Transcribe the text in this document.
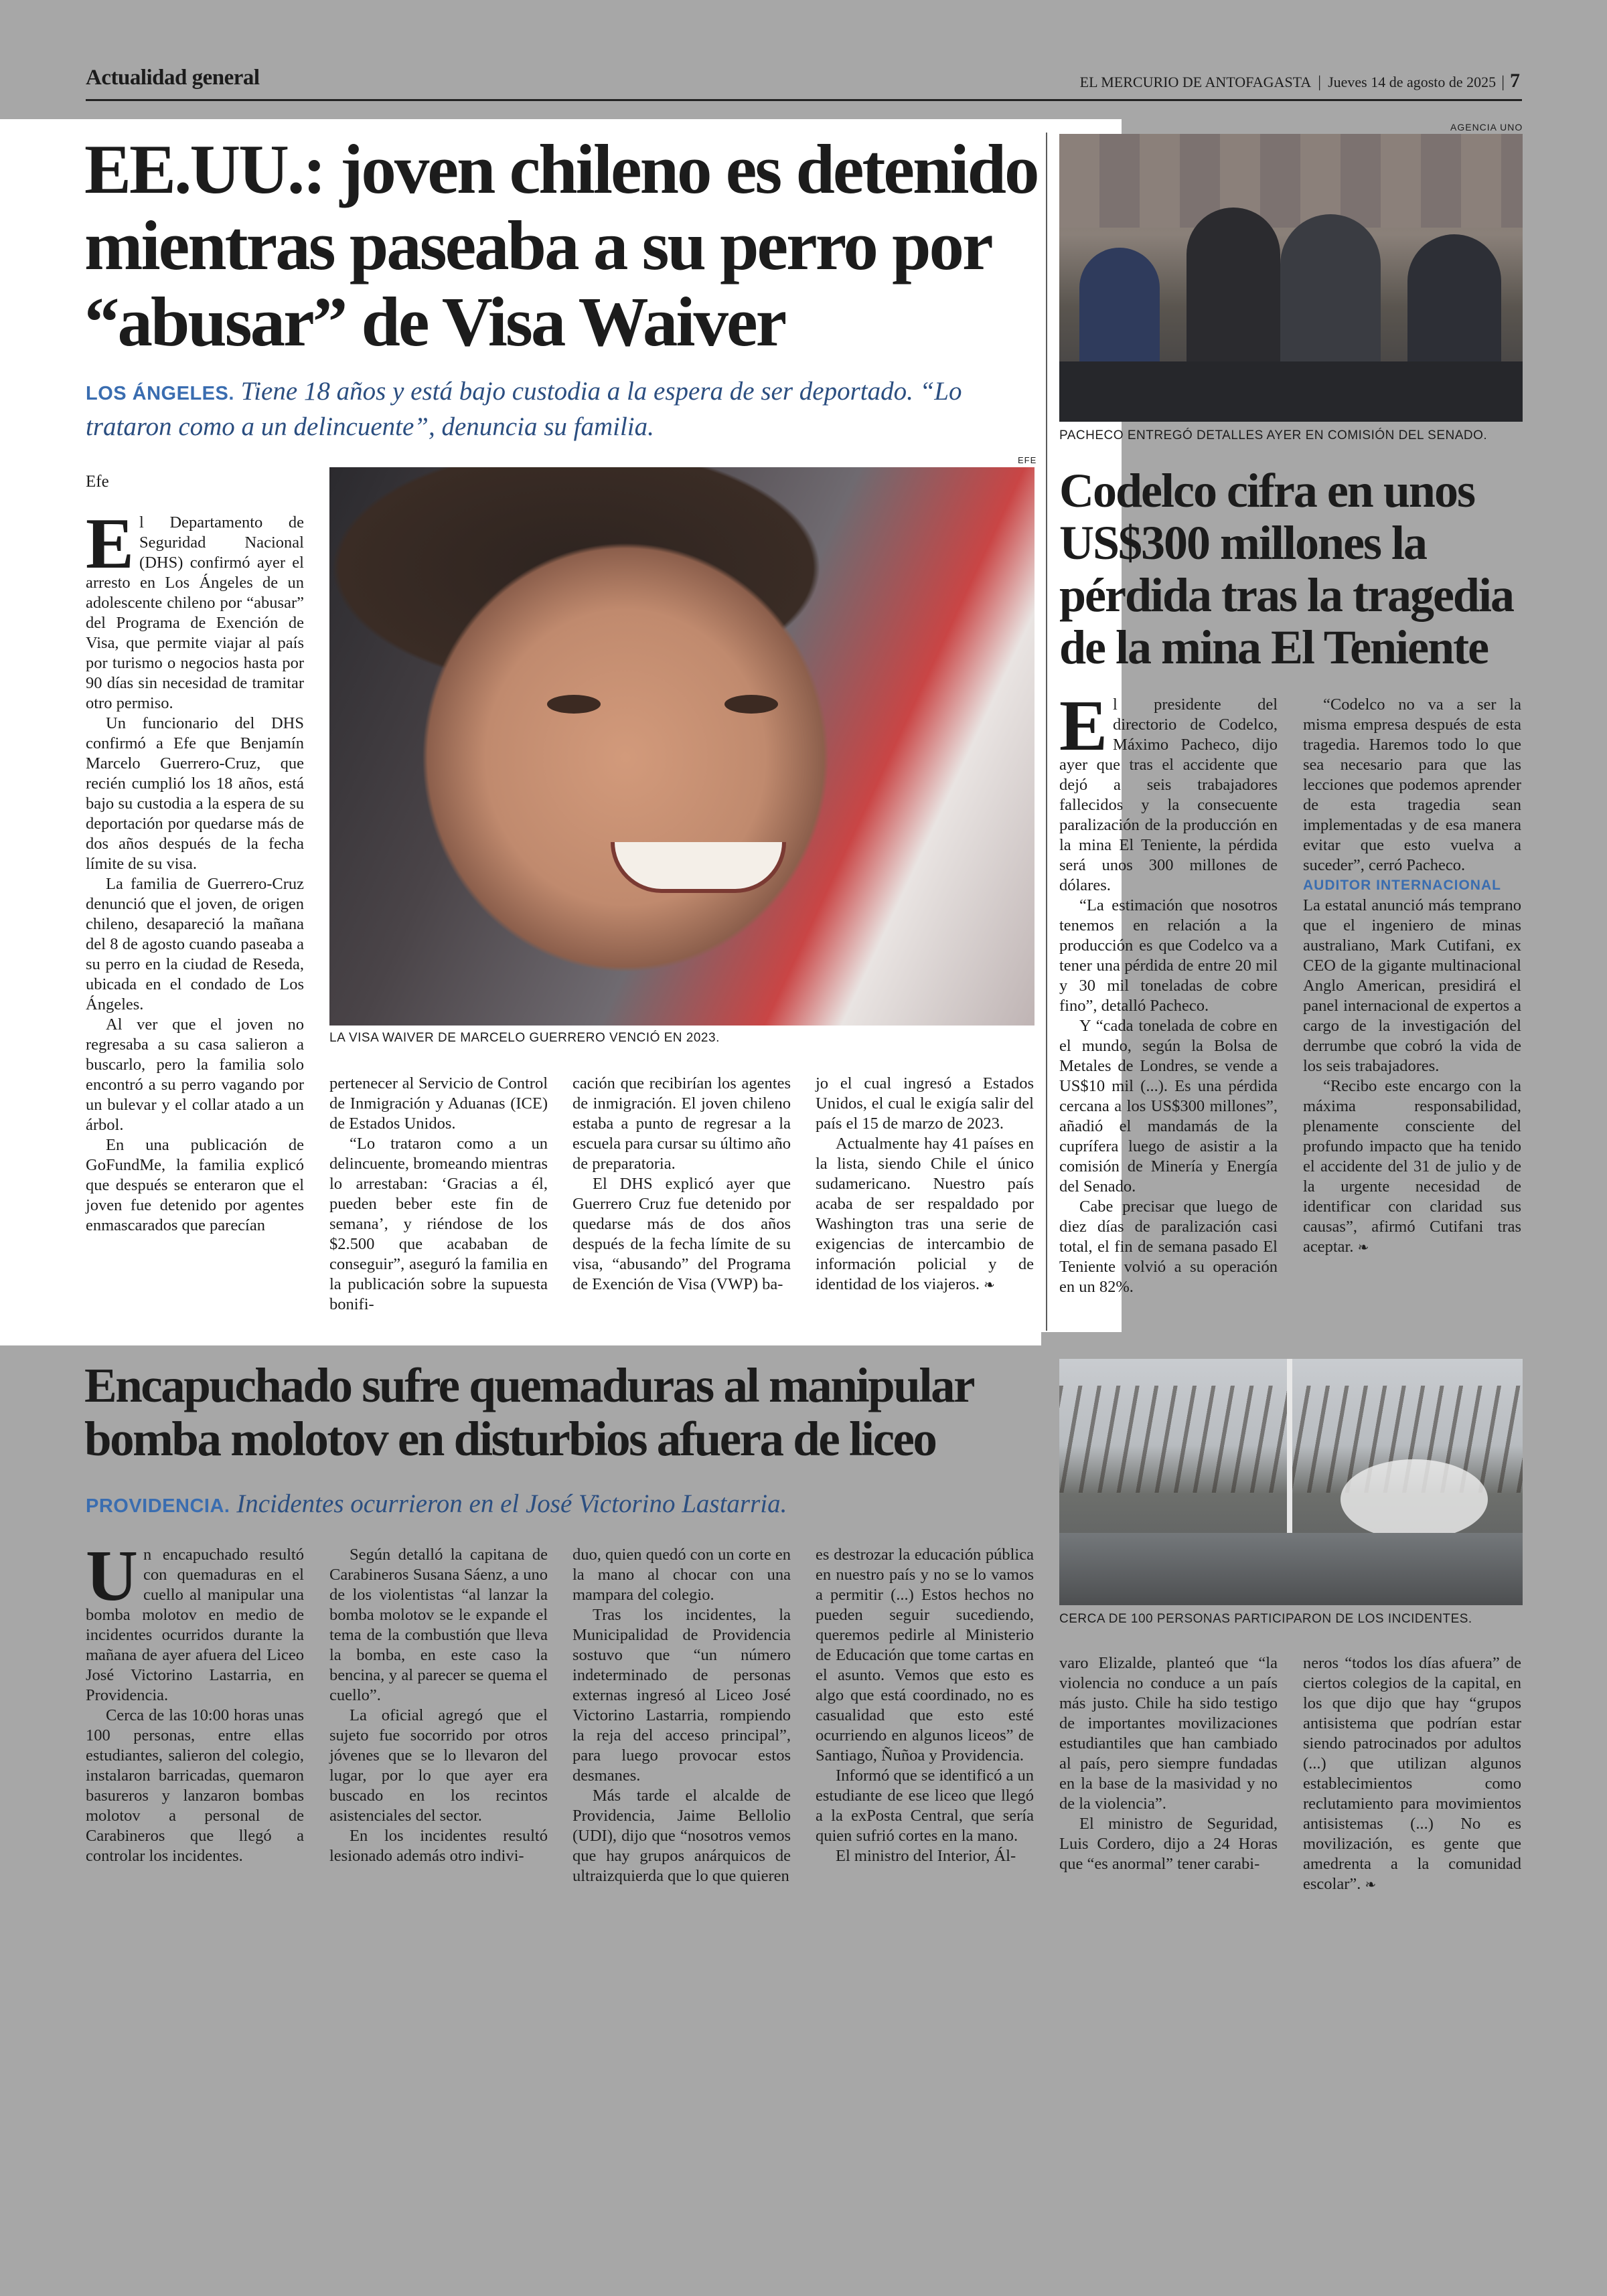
Actualidad general	EL MERCURIO DE ANTOFAGASTA | Jueves 14 de agosto de 2025 | 7
EE.UU.: joven chileno es detenido
mientras paseaba a su perro por
“abusar” de Visa Waiver
LOS ÁNGELES. Tiene 18 años y está bajo custodia a la espera de ser deportado. “Lo trataron como a un delincuente”, denuncia su familia.
Efe
EFE
LA VISA WAIVER DE MARCELO GUERRERO VENCIÓ EN 2023.
E l Departamento de Seguridad Nacional (DHS) confirmó ayer el arresto en Los Ángeles de un adolescente chileno por “abusar” del Programa de Exención de Visa, que permite viajar al país por turismo o negocios hasta por 90 días sin necesidad de tramitar otro permiso.

Un funcionario del DHS confirmó a Efe que Benjamín Marcelo Guerrero-Cruz, que recién cumplió los 18 años, está bajo su custodia a la espera de su deportación por quedarse más de dos años después de la fecha límite de su visa.

La familia de Guerrero-Cruz denunció que el joven, de origen chileno, desapareció la mañana del 8 de agosto cuando paseaba a su perro en la ciudad de Reseda, ubicada en el condado de Los Ángeles.

Al ver que el joven no regresaba a su casa salieron a buscarlo, pero la familia solo encontró a su perro vagando por un bulevar y el collar atado a un árbol.

En una publicación de GoFundMe, la familia explicó que después se enteraron que el joven fue detenido por agentes enmascarados que parecían

pertenecer al Servicio de Control de Inmigración y Aduanas (ICE) de Estados Unidos.

“Lo trataron como a un delincuente, bromeando mientras lo arrestaban: ‘Gracias a él, pueden beber este fin de semana’, y riéndose de los $2.500 que acababan de conseguir”, aseguró la familia en la publicación sobre la supuesta bonifi-

cación que recibirían los agentes de inmigración. El joven chileno estaba a punto de regresar a la escuela para cursar su último año de preparatoria.

El DHS explicó ayer que Guerrero Cruz fue detenido por quedarse más de dos años después de la fecha límite de su visa, “abusando” del Programa de Exención de Visa (VWP) ba-

jo el cual ingresó a Estados Unidos, el cual le exigía salir del país el 15 de marzo de 2023.

Actualmente hay 41 países en la lista, siendo Chile el único sudamericano. Nuestro país acaba de ser respaldado por Washington tras una serie de exigencias de intercambio de información policial y de identidad de los viajeros. ❧

AGENCIA UNO
PACHECO ENTREGÓ DETALLES AYER EN COMISIÓN DEL SENADO.
Codelco cifra en unos
US$300 millones la
pérdida tras la tragedia
de la mina El Teniente
E l presidente del directorio de Codelco, Máximo Pacheco, dijo ayer que tras el accidente que dejó a seis trabajadores fallecidos y la consecuente paralización de la producción en la mina El Teniente, la pérdida será unos 300 millones de dólares.

“La estimación que nosotros tenemos en relación a la producción es que Codelco va a tener una pérdida de entre 20 mil y 30 mil toneladas de cobre fino”, detalló Pacheco.

Y “cada tonelada de cobre en el mundo, según la Bolsa de Metales de Londres, se vende a US$10 mil (...). Es una pérdida cercana a los US$300 millones”, añadió el mandamás de la cuprífera luego de asistir a la comisión de Minería y Energía del Senado.

Cabe precisar que luego de diez días de paralización casi total, el fin de semana pasado El Teniente volvió a su operación en un 82%.

“Codelco no va a ser la misma empresa después de esta tragedia. Haremos todo lo que sea necesario para que las lecciones que podemos aprender de esta tragedia sean implementadas y de esa manera evitar que esto vuelva a suceder”, cerró Pacheco.

AUDITOR INTERNACIONAL

La estatal anunció más temprano que el ingeniero de minas australiano, Mark Cutifani, ex CEO de la gigante multinacional Anglo American, presidirá el panel internacional de expertos a cargo de la investigación del derrumbe que cobró la vida de los seis trabajadores.

“Recibo este encargo con la máxima responsabilidad, plenamente consciente del profundo impacto que ha tenido el accidente del 31 de julio y de la urgente necesidad de identificar con claridad sus causas”, afirmó Cutifani tras aceptar. ❧

Encapuchado sufre quemaduras al manipular
bomba molotov en disturbios afuera de liceo
PROVIDENCIA. Incidentes ocurrieron en el José Victorino Lastarria.
CERCA DE 100 PERSONAS PARTICIPARON DE LOS INCIDENTES.
U n encapuchado resultó con quemaduras en el cuello al manipular una bomba molotov en medio de incidentes ocurridos durante la mañana de ayer afuera del Liceo José Victorino Lastarria, en Providencia.

Cerca de las 10:00 horas unas 100 personas, entre ellas estudiantes, salieron del colegio, instalaron barricadas, quemaron basureros y lanzaron bombas molotov a personal de Carabineros que llegó a controlar los incidentes.

Según detalló la capitana de Carabineros Susana Sáenz, a uno de los violentistas “al lanzar la bomba molotov se le expande el tema de la combustión que lleva la bomba, en este caso la bencina, y al parecer se quema el cuello”.

La oficial agregó que el sujeto fue socorrido por otros jóvenes que se lo llevaron del lugar, por lo que ayer era buscado en los recintos asistenciales del sector.

En los incidentes resultó lesionado además otro indivi-

duo, quien quedó con un corte en la mano al chocar con una mampara del colegio.

Tras los incidentes, la Municipalidad de Providencia sostuvo que “un número indeterminado de personas externas ingresó al Liceo José Victorino Lastarria, rompiendo la reja del acceso principal”, para luego provocar estos desmanes.

Más tarde el alcalde de Providencia, Jaime Bellolio (UDI), dijo que “nosotros vemos que hay grupos anárquicos de ultraizquierda que lo que quieren

es destrozar la educación pública en nuestro país y no se lo vamos a permitir (...) Estos hechos no pueden seguir sucediendo, queremos pedirle al Ministerio de Educación que tome cartas en el asunto. Vemos que esto es algo que está coordinado, no es casualidad que esto esté ocurriendo en algunos liceos” de Santiago, Ñuñoa y Providencia.

Informó que se identificó a un estudiante de ese liceo que llegó a la exPosta Central, que sería quien sufrió cortes en la mano.

El ministro del Interior, Ál-

varo Elizalde, planteó que “la violencia no conduce a un país más justo. Chile ha sido testigo de importantes movilizaciones estudiantiles que han cambiado al país, pero siempre fundadas en la base de la masividad y no de la violencia”.

El ministro de Seguridad, Luis Cordero, dijo a 24 Horas que “es anormal” tener carabi-

neros “todos los días afuera” de ciertos colegios de la capital, en los que dijo que hay “grupos antisistema que podrían estar siendo patrocinados por adultos (...) que utilizan algunos establecimientos como reclutamiento para movimientos antisistemas (...) No es movilización, es gente que amedrenta a la comunidad escolar”. ❧
